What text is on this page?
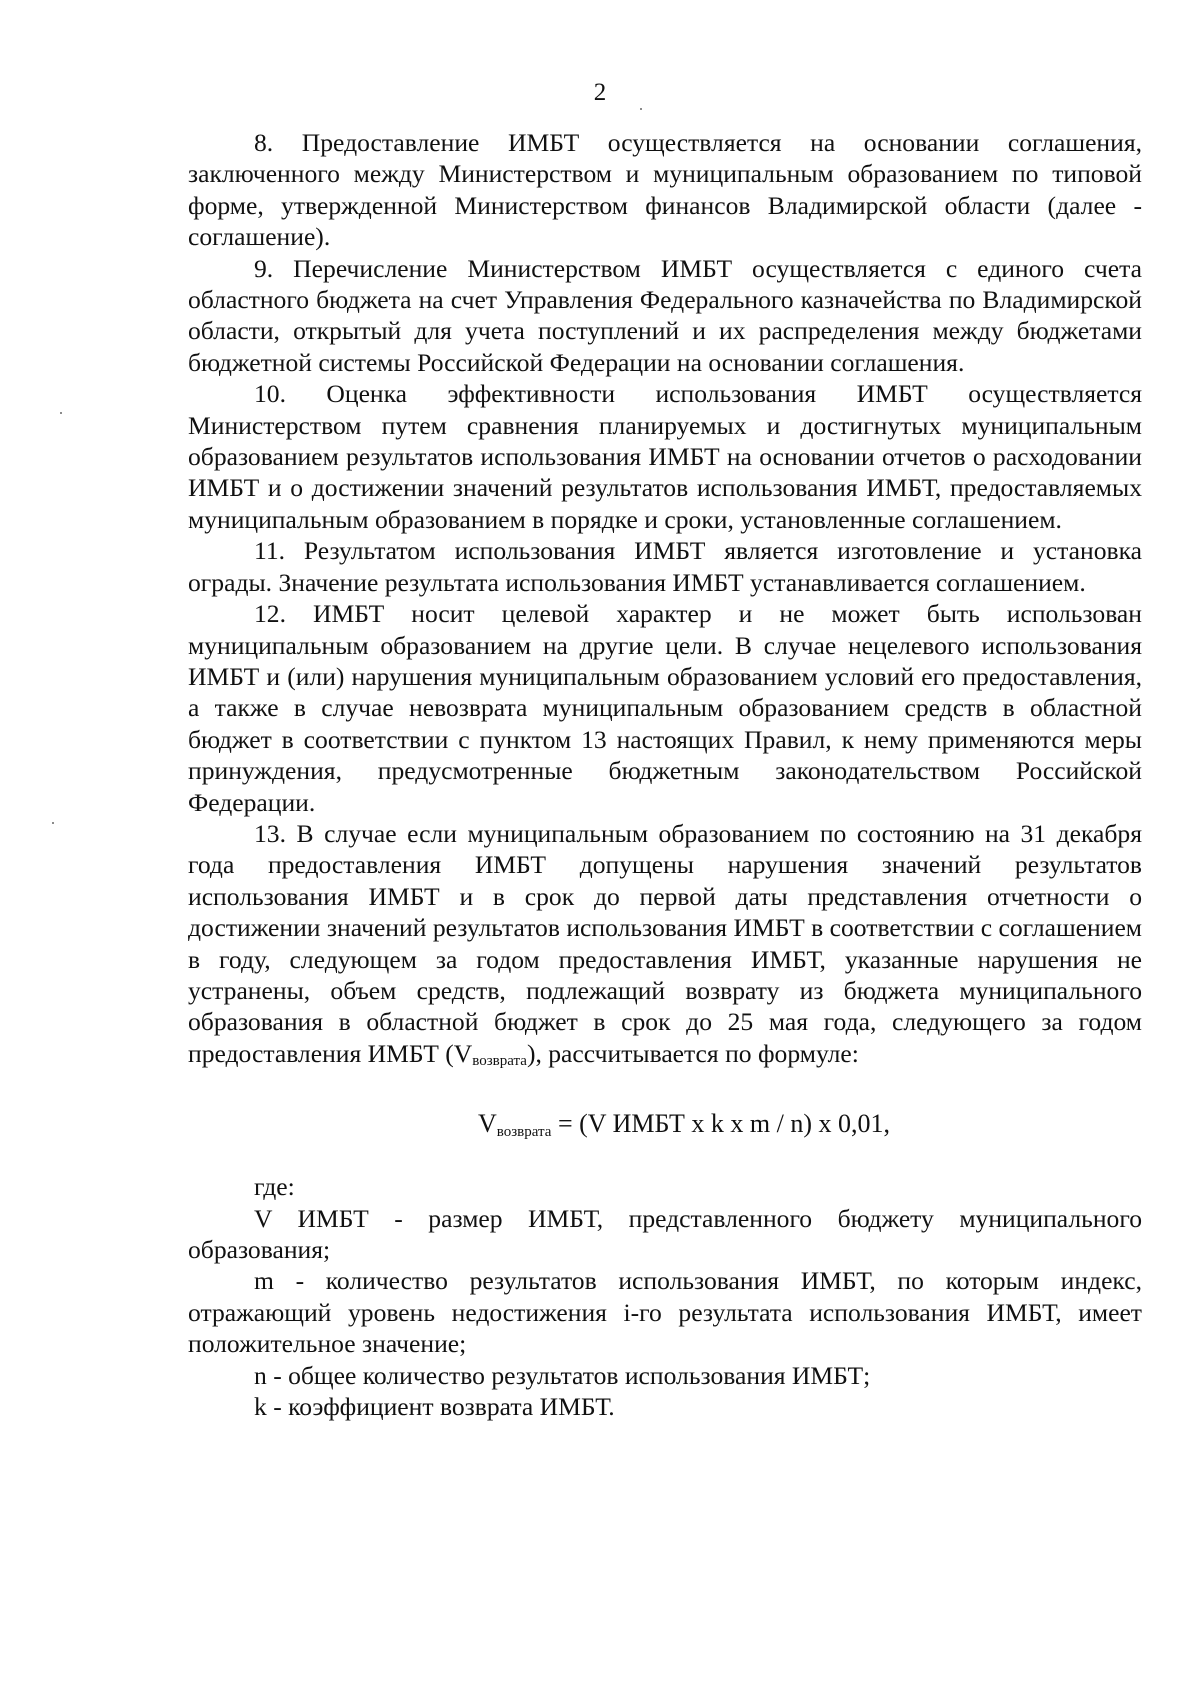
2

8. Предоставление ИМБТ осуществляется на основании соглашения, заключенного между Министерством и муниципальным образованием по типовой форме, утвержденной Министерством финансов Владимирской области (далее - соглашение).

9. Перечисление Министерством ИМБТ осуществляется с единого счета областного бюджета на счет Управления Федерального казначейства по Владимирской области, открытый для учета поступлений и их распределения между бюджетами бюджетной системы Российской Федерации на основании соглашения.

10. Оценка эффективности использования ИМБТ осуществляется Министерством путем сравнения планируемых и достигнутых муниципальным образованием результатов использования ИМБТ на основании отчетов о расходовании ИМБТ и о достижении значений результатов использования ИМБТ, предоставляемых муниципальным образованием в порядке и сроки, установленные соглашением.

11. Результатом использования ИМБТ является изготовление и установка ограды. Значение результата использования ИМБТ устанавливается соглашением.

12. ИМБТ носит целевой характер и не может быть использован муниципальным образованием на другие цели. В случае нецелевого использования ИМБТ и (или) нарушения муниципальным образованием условий его предоставления, а также в случае невозврата муниципальным образованием средств в областной бюджет в соответствии с пунктом 13 настоящих Правил, к нему применяются меры принуждения, предусмотренные бюджетным законодательством Российской Федерации.

13. В случае если муниципальным образованием по состоянию на 31 декабря года предоставления ИМБТ допущены нарушения значений результатов использования ИМБТ и в срок до первой даты представления отчетности о достижении значений результатов использования ИМБТ в соответствии с соглашением в году, следующем за годом предоставления ИМБТ, указанные нарушения не устранены, объем средств, подлежащий возврату из бюджета муниципального образования в областной бюджет в срок до 25 мая года, следующего за годом предоставления ИМБТ (Vвозврата), рассчитывается по формуле:

$V_{возврата} = (V$ ИМБТ x k x m / n) x 0,01,

где:

V ИМБТ - размер ИМБТ, представленного бюджету муниципального образования;

m - количество результатов использования ИМБТ, по которым индекс, отражающий уровень недостижения i-го результата использования ИМБТ, имеет положительное значение;

n - общее количество результатов использования ИМБТ;

k - коэффициент возврата ИМБТ.
